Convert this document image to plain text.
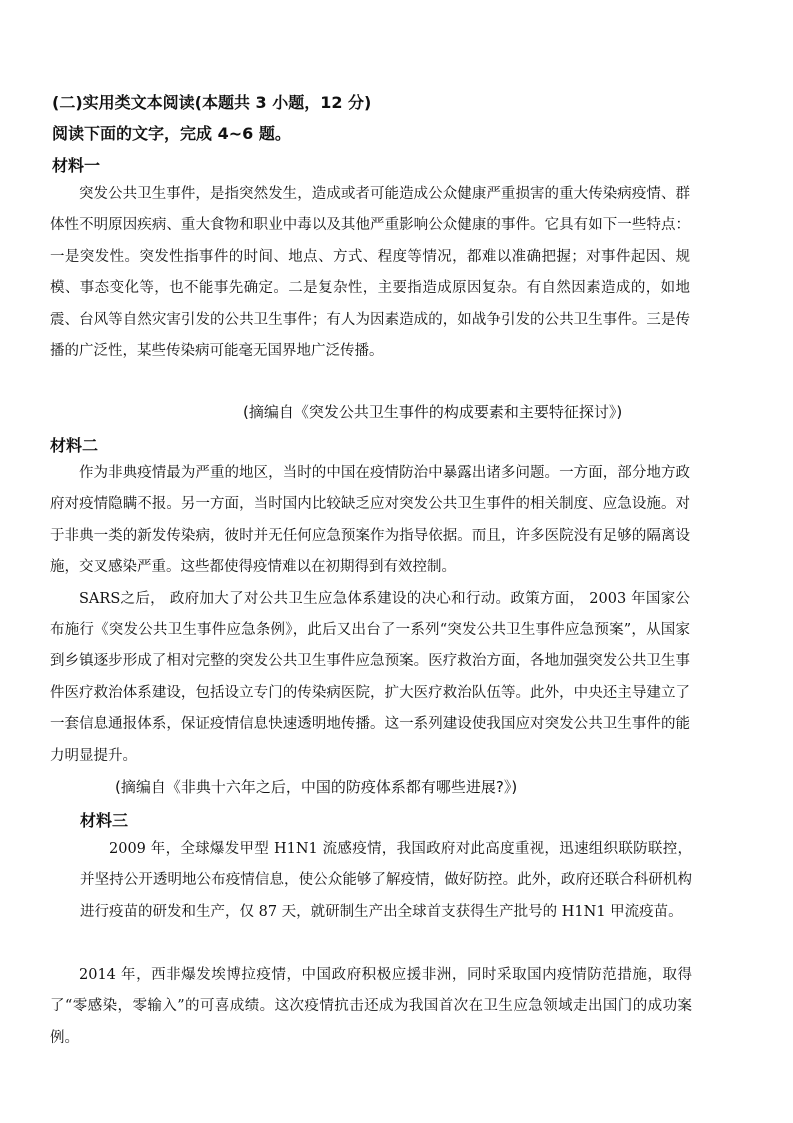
(二)实用类文本阅读(本题共 3 小题，12 分)
阅读下面的文字，完成 4~6 题。
材料一

突发公共卫生事件，是指突然发生，造成或者可能造成公众健康严重损害的重大传染病疫情、群体性不明原因疾病、重大食物和职业中毒以及其他严重影响公众健康的事件。它具有如下一些特点：一是突发性。突发性指事件的时间、地点、方式、程度等情况，都难以准确把握；对事件起因、规模、事态变化等，也不能事先确定。二是复杂性，主要指造成原因复杂。有自然因素造成的，如地震、台风等自然灾害引发的公共卫生事件；有人为因素造成的，如战争引发的公共卫生事件。三是传播的广泛性，某些传染病可能毫无国界地广泛传播。

(摘编自《突发公共卫生事件的构成要素和主要特征探讨》)
材料二

作为非典疫情最为严重的地区，当时的中国在疫情防治中暴露出诸多问题。一方面，部分地方政府对疫情隐瞒不报。另一方面，当时国内比较缺乏应对突发公共卫生事件的相关制度、应急设施。对于非典一类的新发传染病，彼时并无任何应急预案作为指导依据。而且，许多医院没有足够的隔离设施，交叉感染严重。这些都使得疫情难以在初期得到有效控制。

SARS之后， 政府加大了对公共卫生应急体系建设的决心和行动。政策方面， 2003 年国家公布施行《突发公共卫生事件应急条例》，此后又出台了一系列“突发公共卫生事件应急预案”，从国家到乡镇逐步形成了相对完整的突发公共卫生事件应急预案。医疗救治方面，各地加强突发公共卫生事件医疗救治体系建设，包括设立专门的传染病医院，扩大医疗救治队伍等。此外，中央还主导建立了一套信息通报体系，保证疫情信息快速透明地传播。这一系列建设使我国应对突发公共卫生事件的能力明显提升。

(摘编自《非典十六年之后，中国的防疫体系都有哪些进展?》)
材料三

2009 年，全球爆发甲型 H1N1 流感疫情，我国政府对此高度重视，迅速组织联防联控，并坚持公开透明地公布疫情信息，使公众能够了解疫情，做好防控。此外，政府还联合科研机构进行疫苗的研发和生产，仅 87 天，就研制生产出全球首支获得生产批号的 H1N1 甲流疫苗。

2014 年，西非爆发埃博拉疫情，中国政府积极应援非洲，同时采取国内疫情防范措施，取得了“零感染，零输入”的可喜成绩。这次疫情抗击还成为我国首次在卫生应急领域走出国门的成功案例。
